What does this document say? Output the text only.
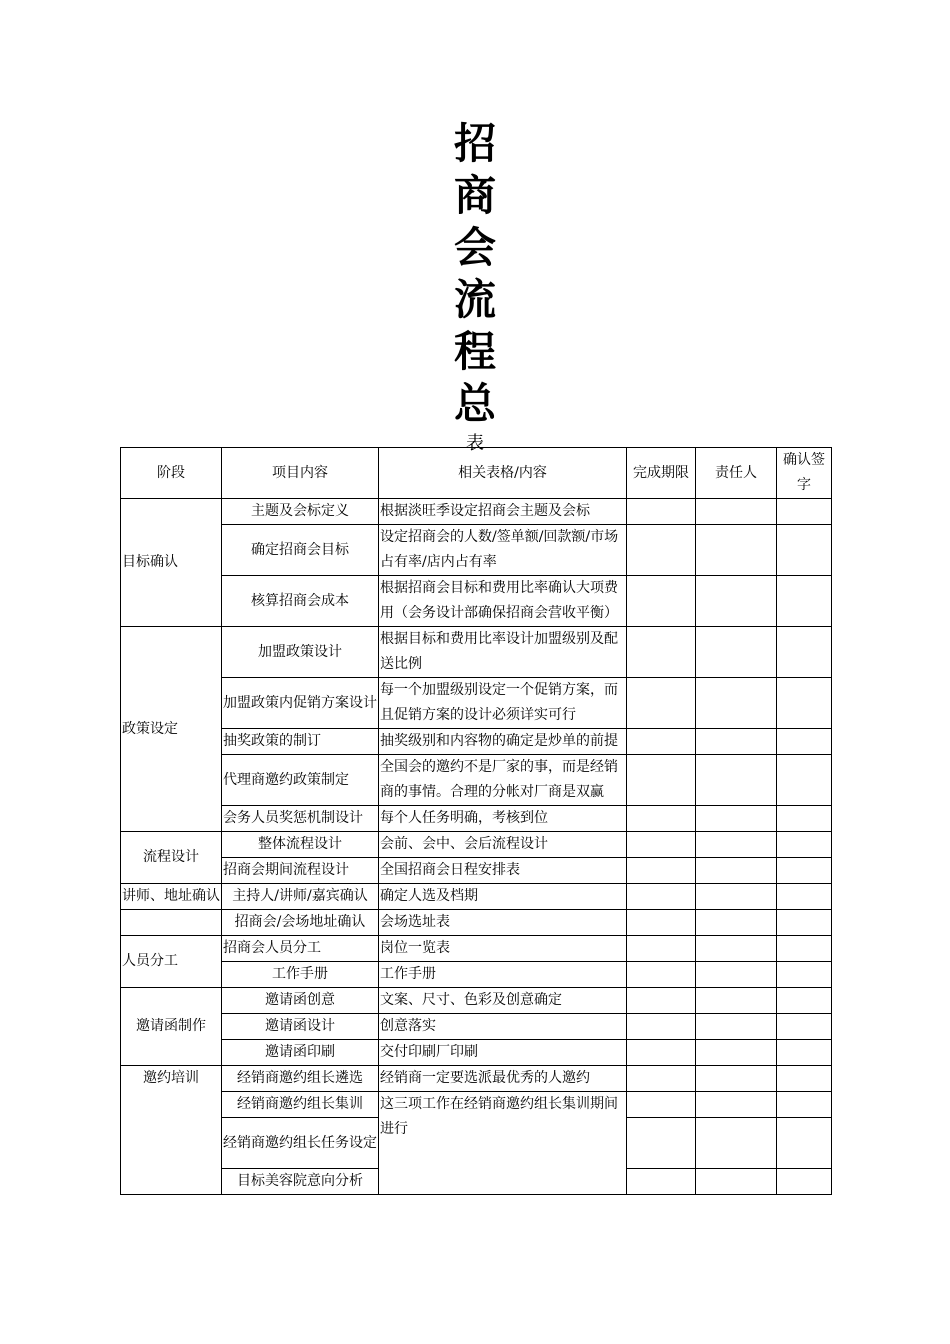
招
商
会
流
程
总
表
阶段	项目内容	相关表格/内容	完成期限	责任人	确认签字
目标确认	主题及会标定义	根据淡旺季设定招商会主题及会标			
	确定招商会目标	设定招商会的人数/签单额/回款额/市场占有率/店内占有率			
	核算招商会成本	根据招商会目标和费用比率确认大项费用（会务设计部确保招商会营收平衡）			
政策设定	加盟政策设计	根据目标和费用比率设计加盟级别及配送比例			
	加盟政策内促销方案设计	每一个加盟级别设定一个促销方案，而且促销方案的设计必须详实可行			
	抽奖政策的制订	抽奖级别和内容物的确定是炒单的前提			
	代理商邀约政策制定	全国会的邀约不是厂家的事，而是经销商的事情。合理的分帐对厂商是双赢			
	会务人员奖惩机制设计	每个人任务明确，考核到位			
流程设计	整体流程设计	会前、会中、会后流程设计			
	招商会期间流程设计	全国招商会日程安排表			
讲师、地址确认	主持人/讲师/嘉宾确认	确定人选及档期			
	招商会/会场地址确认	会场选址表			
人员分工	招商会人员分工	岗位一览表			
	工作手册	工作手册			
邀请函制作	邀请函创意	文案、尺寸、色彩及创意确定			
	邀请函设计	创意落实			
	邀请函印刷	交付印刷厂印刷			
邀约培训	经销商邀约组长遴选	经销商一定要选派最优秀的人邀约			
	经销商邀约组长集训	这三项工作在经销商邀约组长集训期间进行			
	经销商邀约组长任务设定				
	目标美容院意向分析				
